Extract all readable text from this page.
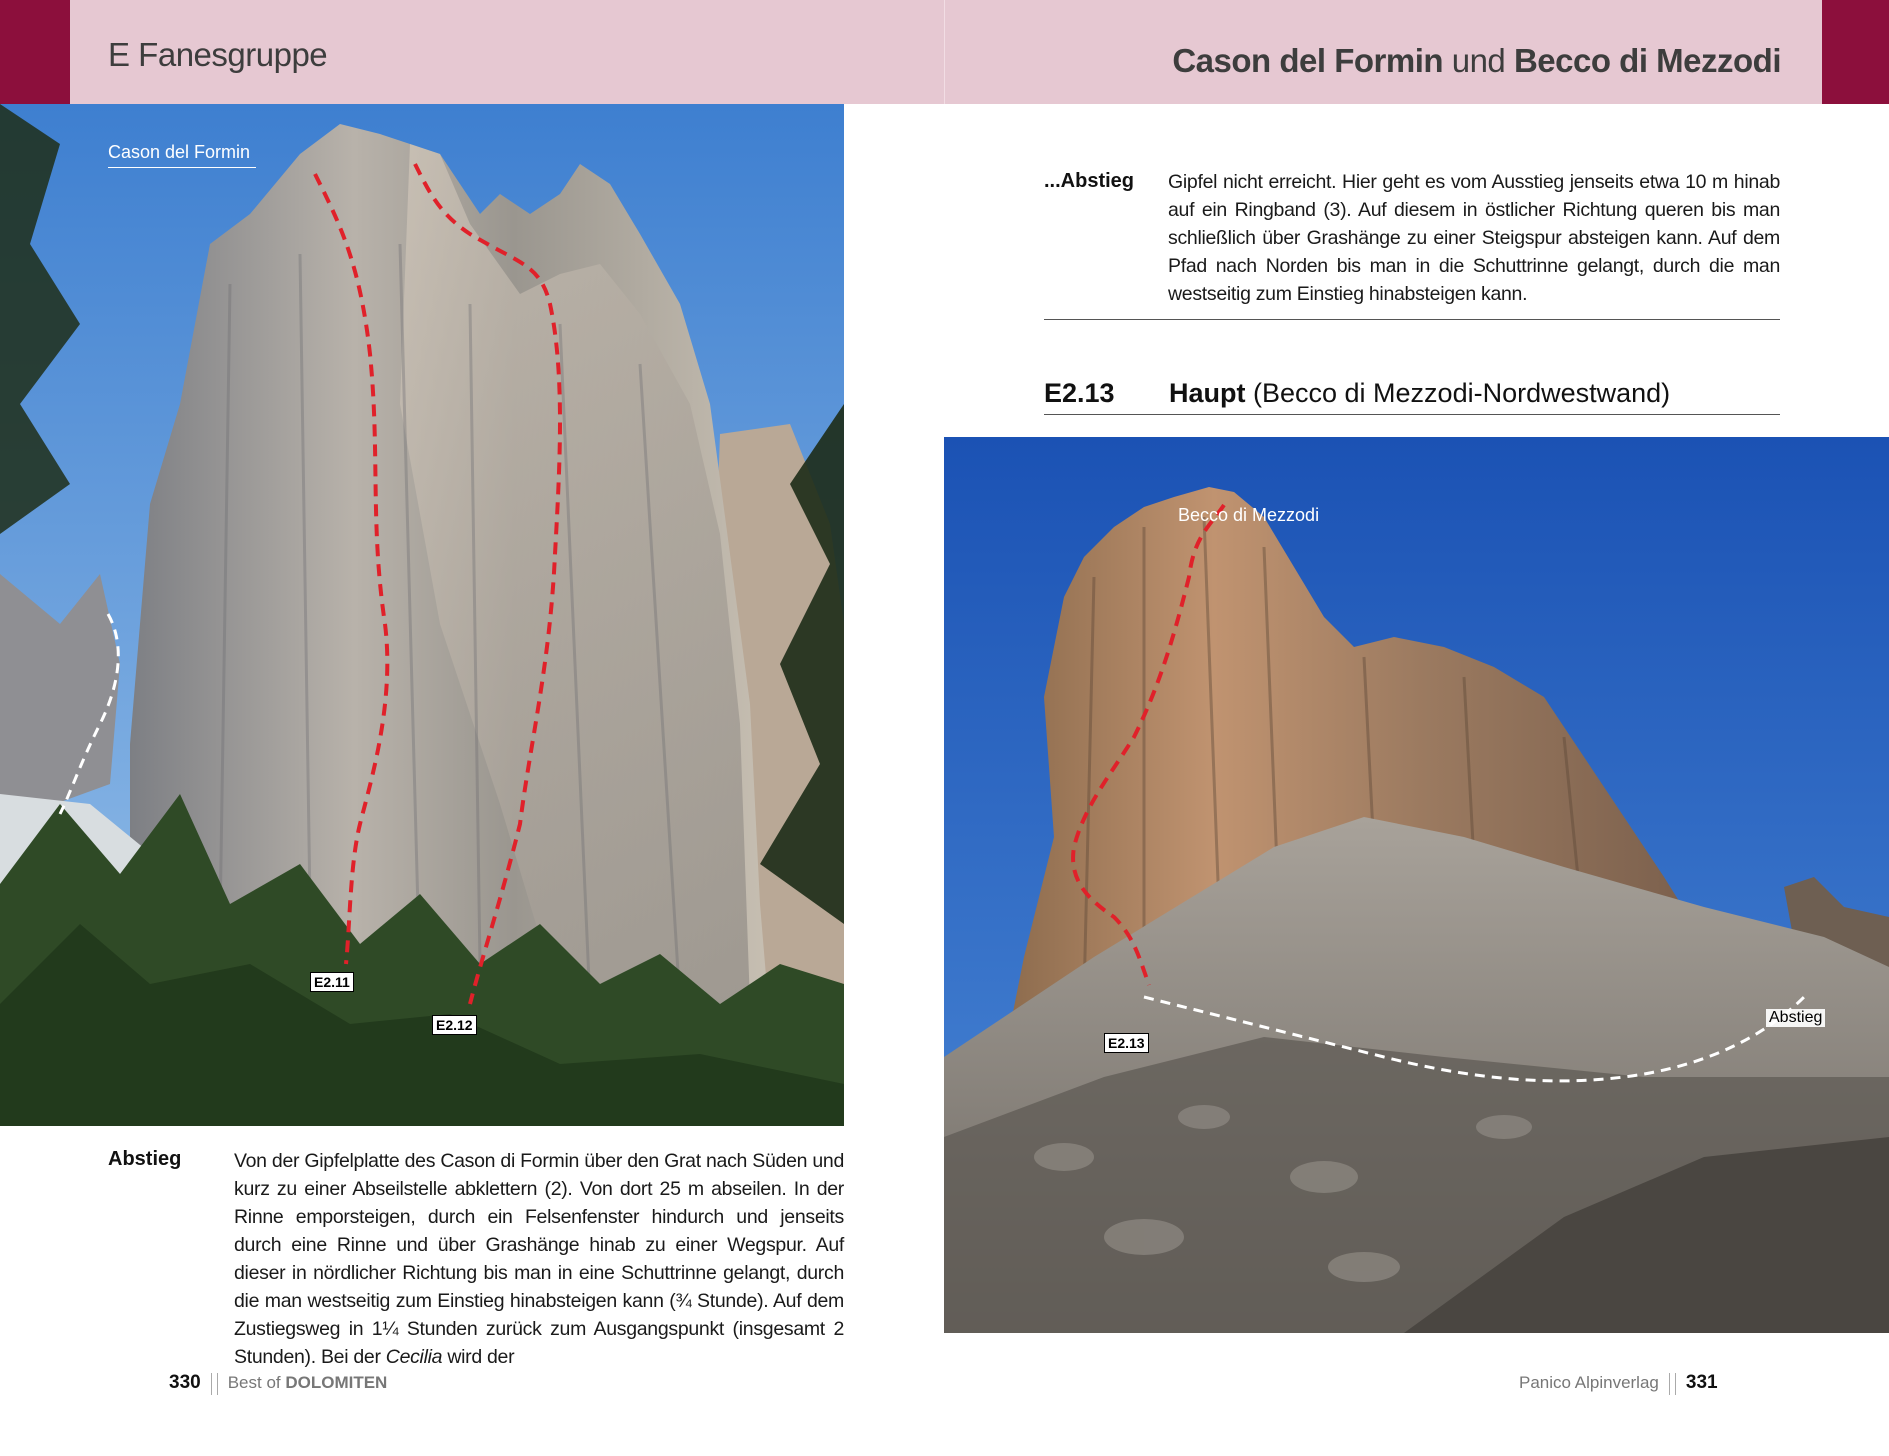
E Fanesgruppe	Cason del Formin und Becco di Mezzodi
Cason del Formin
E2.11
E2.12
...Abstieg Gipfel nicht erreicht. Hier geht es vom Ausstieg jenseits etwa 10 m hinab auf ein Ringband (3). Auf diesem in östlicher Richtung queren bis man schließlich über Grashänge zu einer Steigspur absteigen kann. Auf dem Pfad nach Norden bis man in die Schuttrinne gelangt, durch die man westseitig zum Einstieg hinabsteigen kann.
E2.13 Haupt (Becco di Mezzodi-Nordwestwand)
Becco di Mezzodi
E2.13
Abstieg
Abstieg	Von der Gipfelplatte des Cason di Formin über den Grat nach Süden und kurz zu einer Abseilstelle abklettern (2). Von dort 25 m abseilen. In der Rinne emporsteigen, durch ein Felsenfenster hindurch und jenseits durch eine Rinne und über Grashänge hinab zu einer Wegspur. Auf dieser in nördlicher Richtung bis man in eine Schuttrinne gelangt, durch die man westseitig zum Einstieg hinabsteigen kann (¾ Stunde). Auf dem Zustiegsweg in 1¼ Stunden zurück zum Ausgangspunkt (insgesamt 2 Stunden). Bei der Cecilia wird der
330 Best of DOLOMITEN	Panico Alpinverlag 331
